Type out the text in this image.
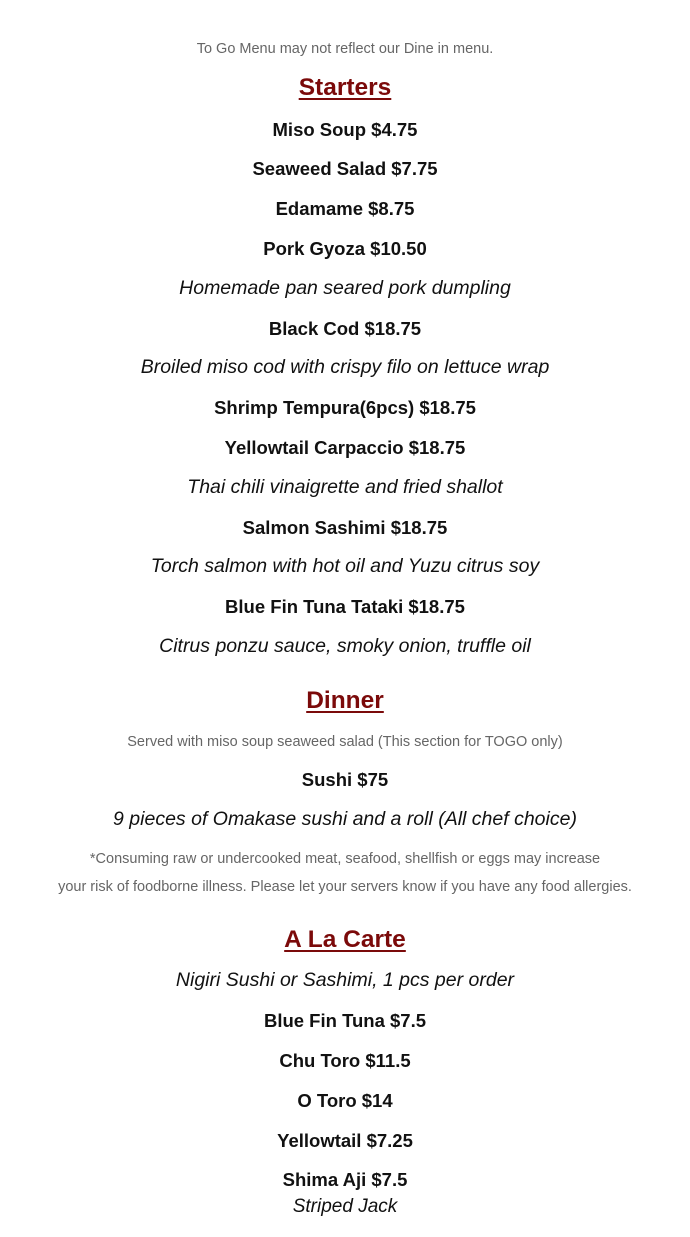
To Go Menu may not reflect our Dine in menu.
Starters
Miso Soup $4.75
Seaweed Salad $7.75
Edamame $8.75
Pork Gyoza $10.50
Homemade pan seared pork dumpling
Black Cod $18.75
Broiled miso cod with crispy filo on lettuce wrap
Shrimp Tempura(6pcs) $18.75
Yellowtail Carpaccio $18.75
Thai chili vinaigrette and fried shallot
Salmon Sashimi $18.75
Torch salmon with hot oil and Yuzu citrus soy
Blue Fin Tuna Tataki $18.75
Citrus ponzu sauce, smoky onion, truffle oil
Dinner
Served with miso soup seaweed salad (This section for TOGO only)
Sushi $75
9 pieces of Omakase sushi and a roll (All chef choice)
*Consuming raw or undercooked meat, seafood, shellfish or eggs may increase
your risk of foodborne illness. Please let your servers know if you have any food allergies.
A La Carte
Nigiri Sushi or Sashimi, 1 pcs per order
Blue Fin Tuna $7.5
Chu Toro $11.5
O Toro $14
Yellowtail $7.25
Shima Aji $7.5
Striped Jack
